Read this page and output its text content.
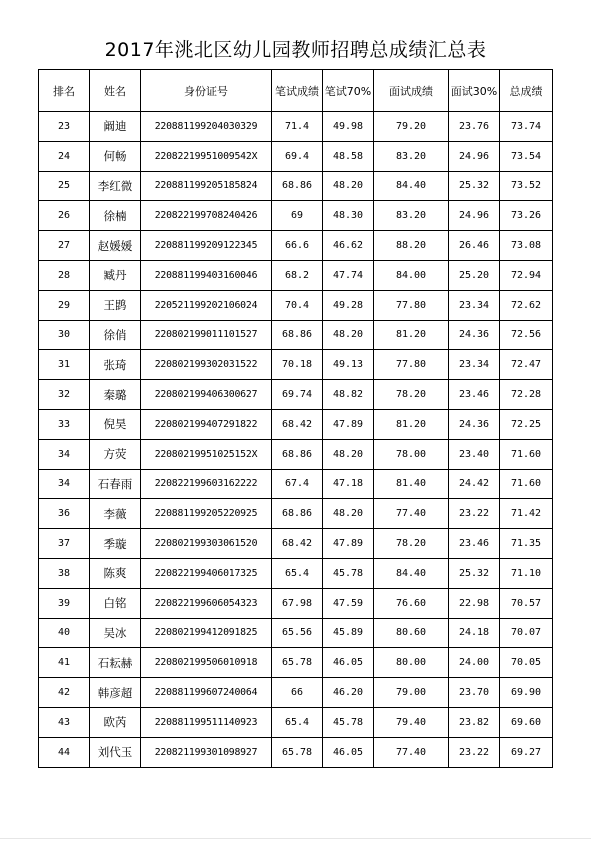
2017年洮北区幼儿园教师招聘总成绩汇总表
排名	姓名	身份证号	笔试成绩	笔试70%	面试成绩	面试30%	总成绩
23	阚迪	220881199204030329	71.4	49.98	79.20	23.76	73.74
24	何畅	22082219951009542X	69.4	48.58	83.20	24.96	73.54
25	李红微	220881199205185824	68.86	48.20	84.40	25.32	73.52
26	徐楠	220822199708240426	69	48.30	83.20	24.96	73.26
27	赵媛媛	220881199209122345	66.6	46.62	88.20	26.46	73.08
28	臧丹	220881199403160046	68.2	47.74	84.00	25.20	72.94
29	王鹍	220521199202106024	70.4	49.28	77.80	23.34	72.62
30	徐俏	220802199011101527	68.86	48.20	81.20	24.36	72.56
31	张琦	220802199302031522	70.18	49.13	77.80	23.34	72.47
32	秦璐	220802199406300627	69.74	48.82	78.20	23.46	72.28
33	倪昊	220802199407291822	68.42	47.89	81.20	24.36	72.25
34	方荧	22080219951025152X	68.86	48.20	78.00	23.40	71.60
34	石春雨	220822199603162222	67.4	47.18	81.40	24.42	71.60
36	李薇	220881199205220925	68.86	48.20	77.40	23.22	71.42
37	季璇	220802199303061520	68.42	47.89	78.20	23.46	71.35
38	陈爽	220822199406017325	65.4	45.78	84.40	25.32	71.10
39	白铭	220822199606054323	67.98	47.59	76.60	22.98	70.57
40	吴冰	220802199412091825	65.56	45.89	80.60	24.18	70.07
41	石耘赫	220802199506010918	65.78	46.05	80.00	24.00	70.05
42	韩彦超	220881199607240064	66	46.20	79.00	23.70	69.90
43	欧芮	220881199511140923	65.4	45.78	79.40	23.82	69.60
44	刘代玉	220821199301098927	65.78	46.05	77.40	23.22	69.27
